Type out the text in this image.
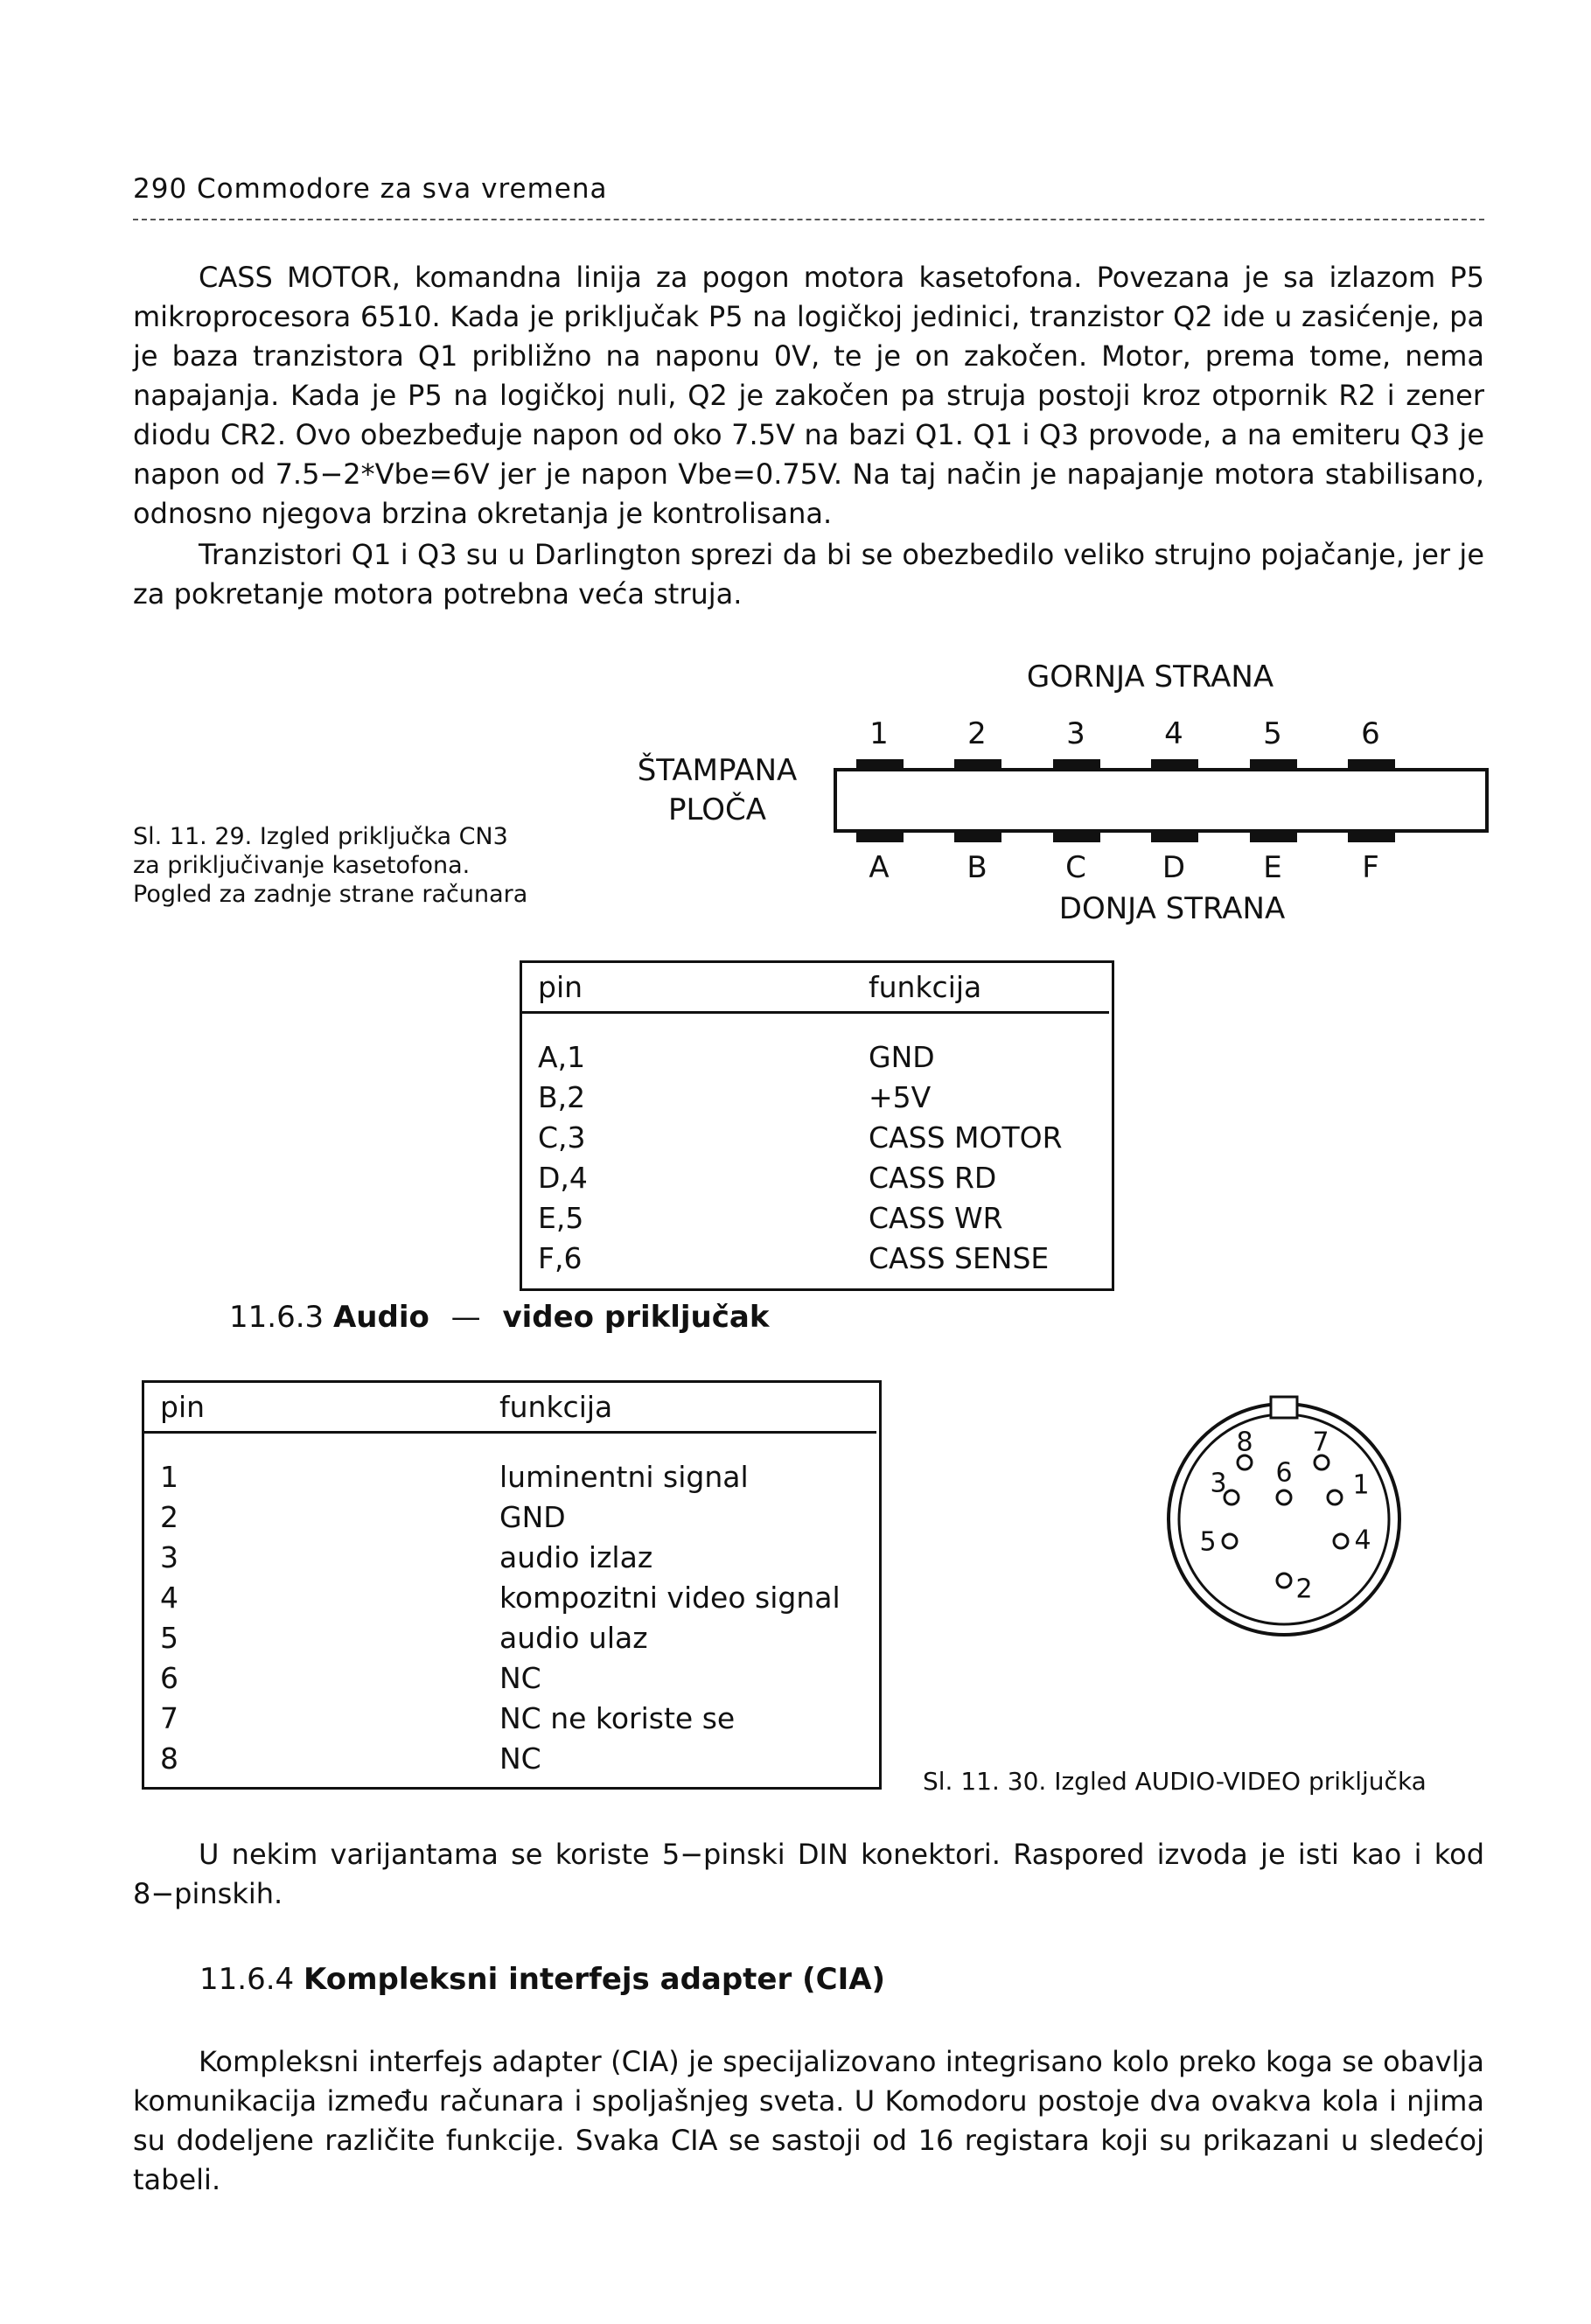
290 Commodore za sva vremena
CASS MOTOR, komandna linija za pogon motora kasetofona. Povezana je sa izlazom P5 mikroprocesora 6510. Kada je priključak P5 na logičkoj jedinici, tranzistor Q2 ide u zasićenje, pa je baza tranzistora Q1 približno na naponu 0V, te je on zakočen. Motor, prema tome, nema napajanja. Kada je P5 na logičkoj nuli, Q2 je zakočen pa struja postoji kroz otpornik R2 i zener diodu CR2. Ovo obezbeđuje napon od oko 7.5V na bazi Q1. Q1 i Q3 provode, a na emiteru Q3 je napon od 7.5−2*Vbe=6V jer je napon Vbe=0.75V. Na taj način je napajanje motora stabilisano, odnosno njegova brzina okretanja je kontrolisana.
Tranzistori Q1 i Q3 su u Darlington sprezi da bi se obezbedilo veliko strujno pojačanje, jer je za pokretanje motora potrebna veća struja.
Sl. 11. 29. Izgled priključka CN3
za priključivanje kasetofona.
Pogled za zadnje strane računara
GORNJA STRANA
ŠTAMPANA
PLOČA
1	2	3	4	5	6
A	B	C	D	E	F
DONJA STRANA
pin	funkcija
A,1	GND
B,2	+5V
C,3	CASS MOTOR
D,4	CASS RD
E,5	CASS WR
F,6	CASS SENSE
11.6.3 Audio — video priključak
pin	funkcija
1	luminentni signal
2	GND
3	audio izlaz
4	kompozitni video signal
5	audio ulaz
6	NC
7	NC ne koriste se
8	NC
1
2
3
4
5
6
7
8
Sl. 11. 30. Izgled AUDIO-VIDEO priključka
U nekim varijantama se koriste 5−pinski DIN konektori. Raspored izvoda je isti kao i kod 8−pinskih.
11.6.4 Kompleksni interfejs adapter (CIA)
Kompleksni interfejs adapter (CIA) je specijalizovano integrisano kolo preko koga se obavlja komunikacija između računara i spoljašnjeg sveta. U Komodoru postoje dva ovakva kola i njima su dodeljene različite funkcije. Svaka CIA se sastoji od 16 registara koji su prikazani u sledećoj tabeli.
